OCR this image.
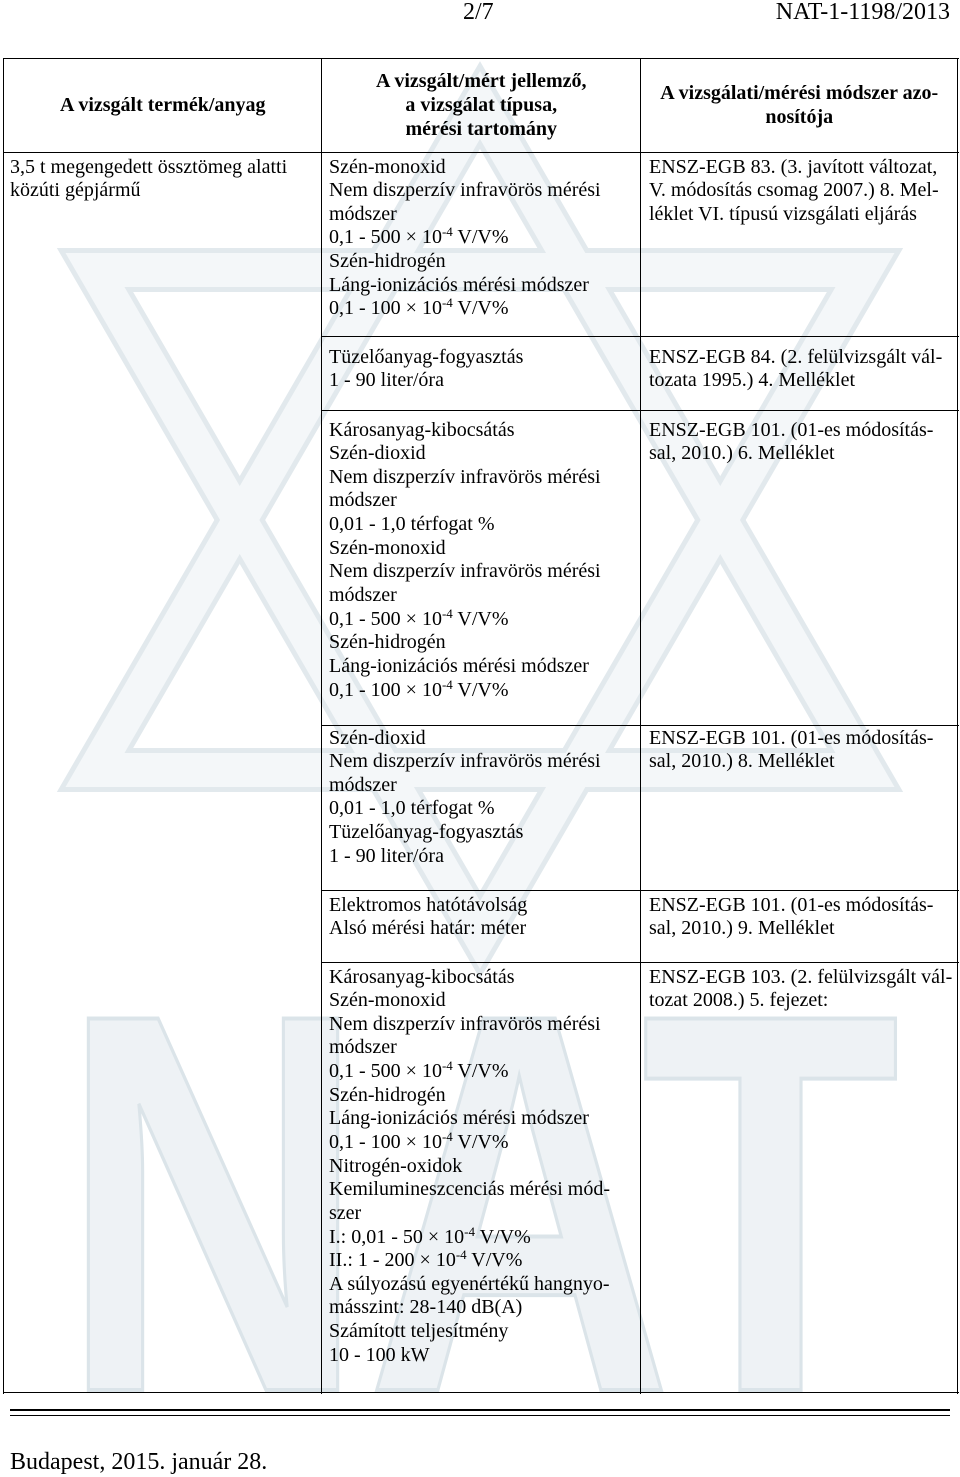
NAT
2/7	NAT-1-1198/2013
A vizsgált termék/anyag
A vizsgált/mért jellemző,
a vizsgálat típusa,
mérési tartomány
A vizsgálati/mérési módszer azo-
nosítója
3,5 t megengedett össztömeg alatti
közúti gépjármű
Szén-monoxid
Nem diszperzív infravörös mérési
módszer
$0,1 - 500 \times 10^{-4}$ V/V%
Szén-hidrogén
Láng-ionizációs mérési módszer
$0,1 - 100 \times 10^{-4}$ V/V%
ENSZ-EGB 83. (3. javított változat,
V. módosítás csomag 2007.) 8. Mel-
léklet VI. típusú vizsgálati eljárás
Tüzelőanyag-fogyasztás
1 - 90 liter/óra
ENSZ-EGB 84. (2. felülvizsgált vál-
tozata 1995.) 4. Melléklet
Károsanyag-kibocsátás
Szén-dioxid
Nem diszperzív infravörös mérési
módszer
0,01 - 1,0 térfogat %
Szén-monoxid
Nem diszperzív infravörös mérési
módszer
$0,1 - 500 \times 10^{-4}$ V/V%
Szén-hidrogén
Láng-ionizációs mérési módszer
$0,1 - 100 \times 10^{-4}$ V/V%
ENSZ-EGB 101. (01-es módosítás-
sal, 2010.) 6. Melléklet
Szén-dioxid
Nem diszperzív infravörös mérési
módszer
0,01 - 1,0 térfogat %
Tüzelőanyag-fogyasztás
1 - 90 liter/óra
ENSZ-EGB 101. (01-es módosítás-
sal, 2010.) 8. Melléklet
Elektromos hatótávolság
Alsó mérési határ: méter
ENSZ-EGB 101. (01-es módosítás-
sal, 2010.) 9. Melléklet
Károsanyag-kibocsátás
Szén-monoxid
Nem diszperzív infravörös mérési
módszer
$0,1 - 500 \times 10^{-4}$ V/V%
Szén-hidrogén
Láng-ionizációs mérési módszer
$0,1 - 100 \times 10^{-4}$ V/V%
Nitrogén-oxidok
Kemilumineszcenciás mérési mód-
szer
I.: $0,01 - 50 \times 10^{-4}$ V/V%
II.: $1 - 200 \times 10^{-4}$ V/V%
A súlyozású egyenértékű hangnyo-
másszint: 28-140 dB(A)
Számított teljesítmény
10 - 100 kW
ENSZ-EGB 103. (2. felülvizsgált vál-
tozat 2008.) 5. fejezet:
Budapest, 2015. január 28.
